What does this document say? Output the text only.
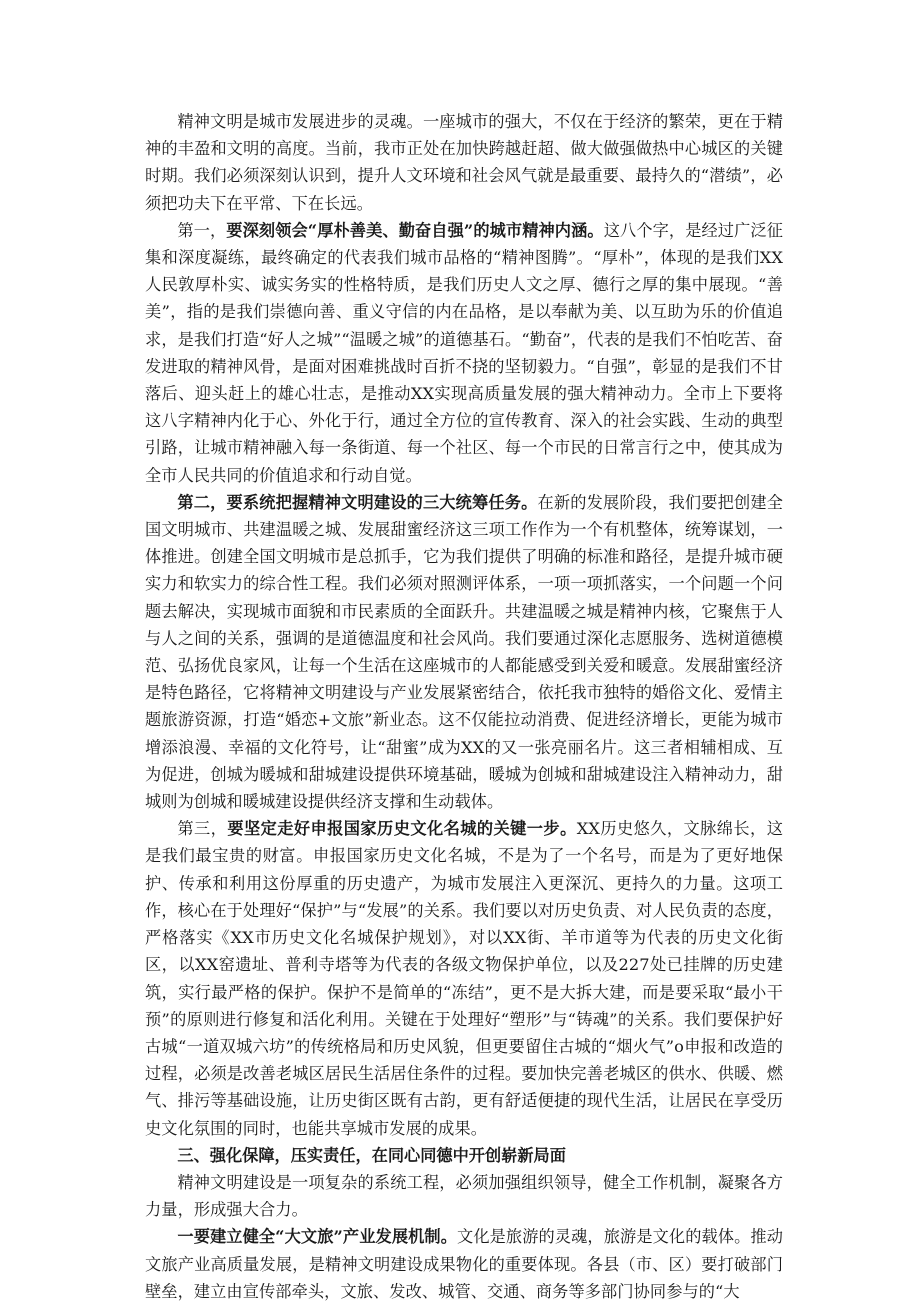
精神文明是城市发展进步的灵魂。一座城市的强大，不仅在于经济的繁荣，更在于精神的丰盈和文明的高度。当前，我市正处在加快跨越赶超、做大做强做热中心城区的关键时期。我们必须深刻认识到，提升人文环境和社会风气就是最重要、最持久的“潜绩”，必须把功夫下在平常、下在长远。

第一，要深刻领会“厚朴善美、勤奋自强”的城市精神内涵。这八个字，是经过广泛征集和深度凝练，最终确定的代表我们城市品格的“精神图腾”。“厚朴”，体现的是我们XX人民敦厚朴实、诚实务实的性格特质，是我们历史人文之厚、德行之厚的集中展现。“善美”，指的是我们崇德向善、重义守信的内在品格，是以奉献为美、以互助为乐的价值追求，是我们打造“好人之城”“温暖之城”的道德基石。“勤奋”，代表的是我们不怕吃苦、奋发进取的精神风骨，是面对困难挑战时百折不挠的坚韧毅力。“自强”，彰显的是我们不甘落后、迎头赶上的雄心壮志，是推动XX实现高质量发展的强大精神动力。全市上下要将这八字精神内化于心、外化于行，通过全方位的宣传教育、深入的社会实践、生动的典型引路，让城市精神融入每一条街道、每一个社区、每一个市民的日常言行之中，使其成为全市人民共同的价值追求和行动自觉。

第二，要系统把握精神文明建设的三大统筹任务。在新的发展阶段，我们要把创建全国文明城市、共建温暖之城、发展甜蜜经济这三项工作作为一个有机整体，统筹谋划，一体推进。创建全国文明城市是总抓手，它为我们提供了明确的标准和路径，是提升城市硬实力和软实力的综合性工程。我们必须对照测评体系，一项一项抓落实，一个问题一个问题去解决，实现城市面貌和市民素质的全面跃升。共建温暖之城是精神内核，它聚焦于人与人之间的关系，强调的是道德温度和社会风尚。我们要通过深化志愿服务、选树道德模范、弘扬优良家风，让每一个生活在这座城市的人都能感受到关爱和暖意。发展甜蜜经济是特色路径，它将精神文明建设与产业发展紧密结合，依托我市独特的婚俗文化、爱情主题旅游资源，打造“婚恋+文旅”新业态。这不仅能拉动消费、促进经济增长，更能为城市增添浪漫、幸福的文化符号，让“甜蜜”成为XX的又一张亮丽名片。这三者相辅相成、互为促进，创城为暖城和甜城建设提供环境基础，暖城为创城和甜城建设注入精神动力，甜城则为创城和暖城建设提供经济支撑和生动载体。

第三，要坚定走好申报国家历史文化名城的关键一步。XX历史悠久，文脉绵长，这是我们最宝贵的财富。申报国家历史文化名城，不是为了一个名号，而是为了更好地保护、传承和利用这份厚重的历史遗产，为城市发展注入更深沉、更持久的力量。这项工作，核心在于处理好“保护”与“发展”的关系。我们要以对历史负责、对人民负责的态度，严格落实《XX市历史文化名城保护规划》，对以XX街、羊市道等为代表的历史文化街区，以XX窑遗址、普利寺塔等为代表的各级文物保护单位，以及227处已挂牌的历史建筑，实行最严格的保护。保护不是简单的“冻结”，更不是大拆大建，而是要采取“最小干预”的原则进行修复和活化利用。关键在于处理好“塑形”与“铸魂”的关系。我们要保护好古城“一道双城六坊”的传统格局和历史风貌，但更要留住古城的“烟火气”o申报和改造的过程，必须是改善老城区居民生活居住条件的过程。要加快完善老城区的供水、供暖、燃气、排污等基础设施，让历史街区既有古韵，更有舒适便捷的现代生活，让居民在享受历史文化氛围的同时，也能共享城市发展的成果。

三、强化保障，压实责任，在同心同德中开创崭新局面

精神文明建设是一项复杂的系统工程，必须加强组织领导，健全工作机制，凝聚各方力量，形成强大合力。

一要建立健全“大文旅”产业发展机制。文化是旅游的灵魂，旅游是文化的载体。推动文旅产业高质量发展，是精神文明建设成果物化的重要体现。各县（市、区）要打破部门壁垒，建立由宣传部牵头，文旅、发改、城管、交通、商务等多部门协同参与的“大
